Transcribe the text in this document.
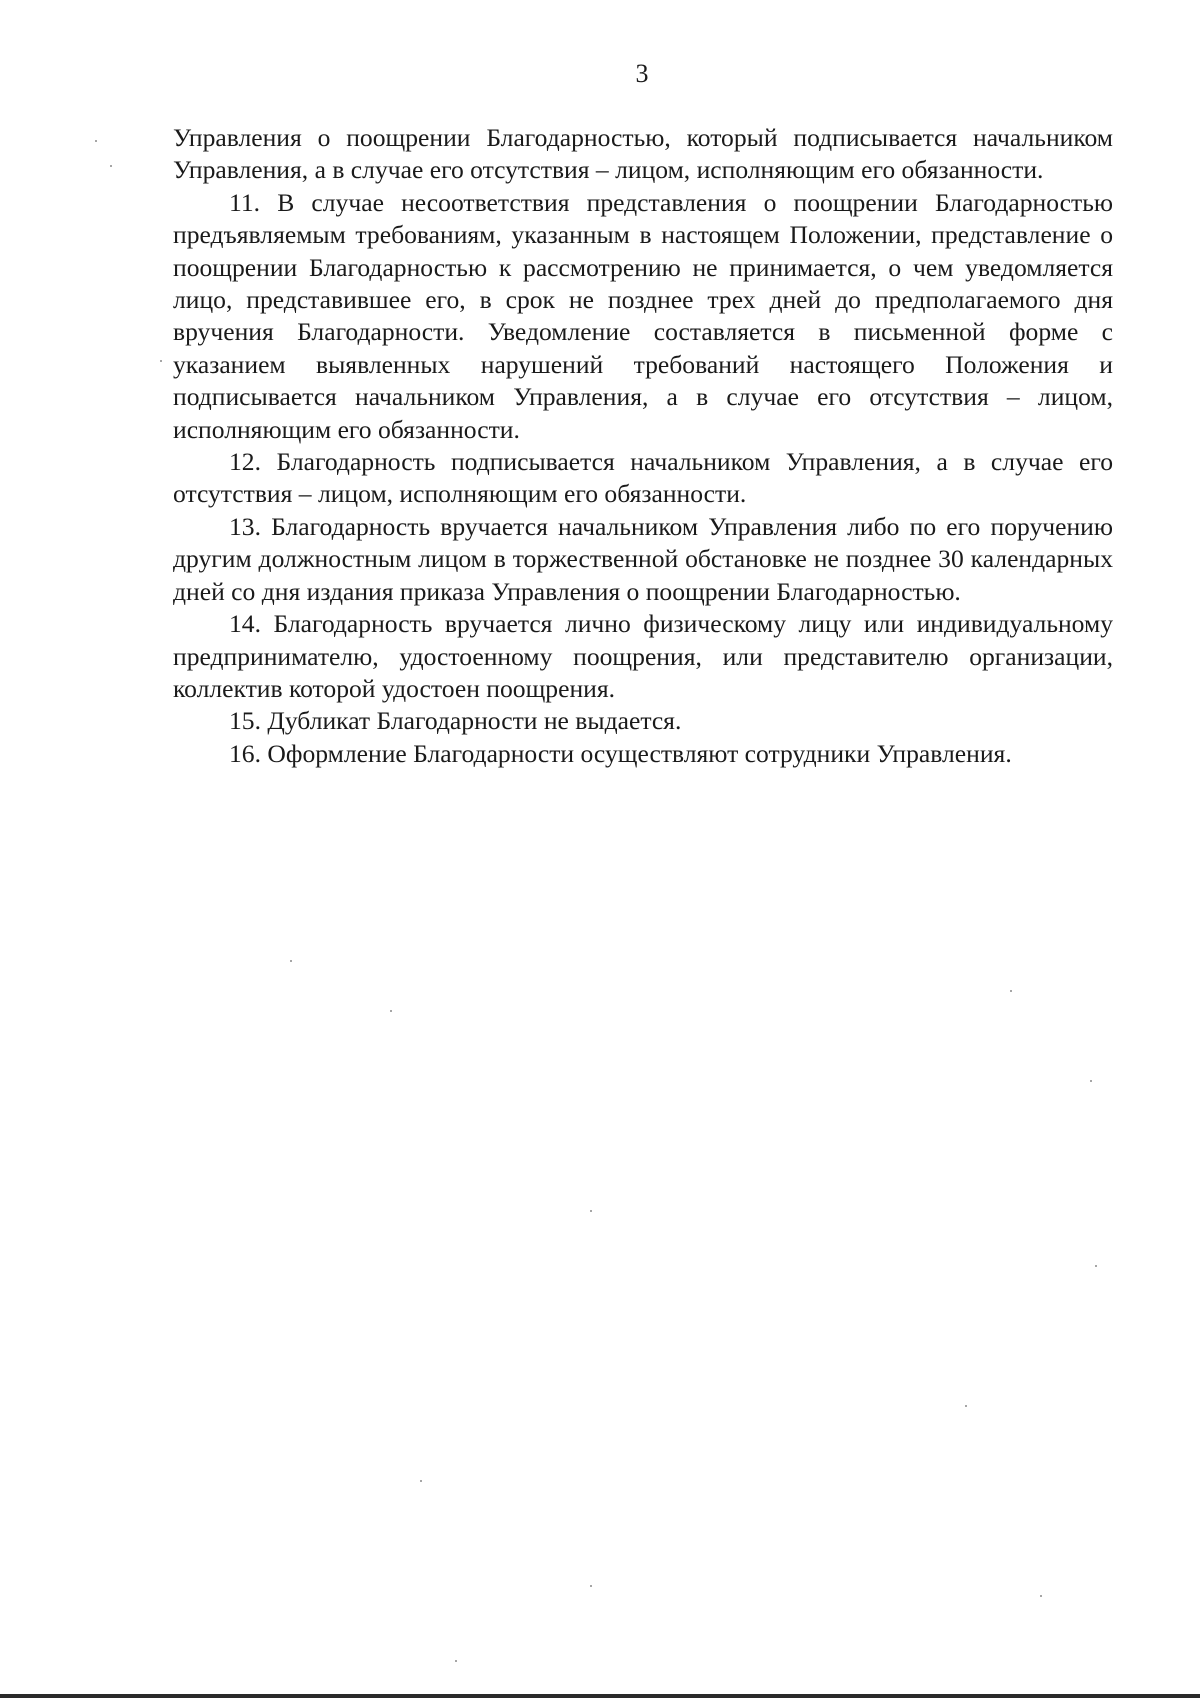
3

Управления о поощрении Благодарностью, который подписывается начальником Управления, а в случае его отсутствия – лицом, исполняющим его обязанности.

11. В случае несоответствия представления о поощрении Благодарностью предъявляемым требованиям, указанным в настоящем Положении, представление о поощрении Благодарностью к рассмотрению не принимается, о чем уведомляется лицо, представившее его, в срок не позднее трех дней до предполагаемого дня вручения Благодарности. Уведомление составляется в письменной форме с указанием выявленных нарушений требований настоящего Положения и подписывается начальником Управления, а в случае его отсутствия – лицом, исполняющим его обязанности.

12. Благодарность подписывается начальником Управления, а в случае его отсутствия – лицом, исполняющим его обязанности.

13. Благодарность вручается начальником Управления либо по его поручению другим должностным лицом в торжественной обстановке не позднее 30 календарных дней со дня издания приказа Управления о поощрении Благодарностью.

14. Благодарность вручается лично физическому лицу или индивидуальному предпринимателю, удостоенному поощрения, или представителю организации, коллектив которой удостоен поощрения.

15. Дубликат Благодарности не выдается.

16. Оформление Благодарности осуществляют сотрудники Управления.
